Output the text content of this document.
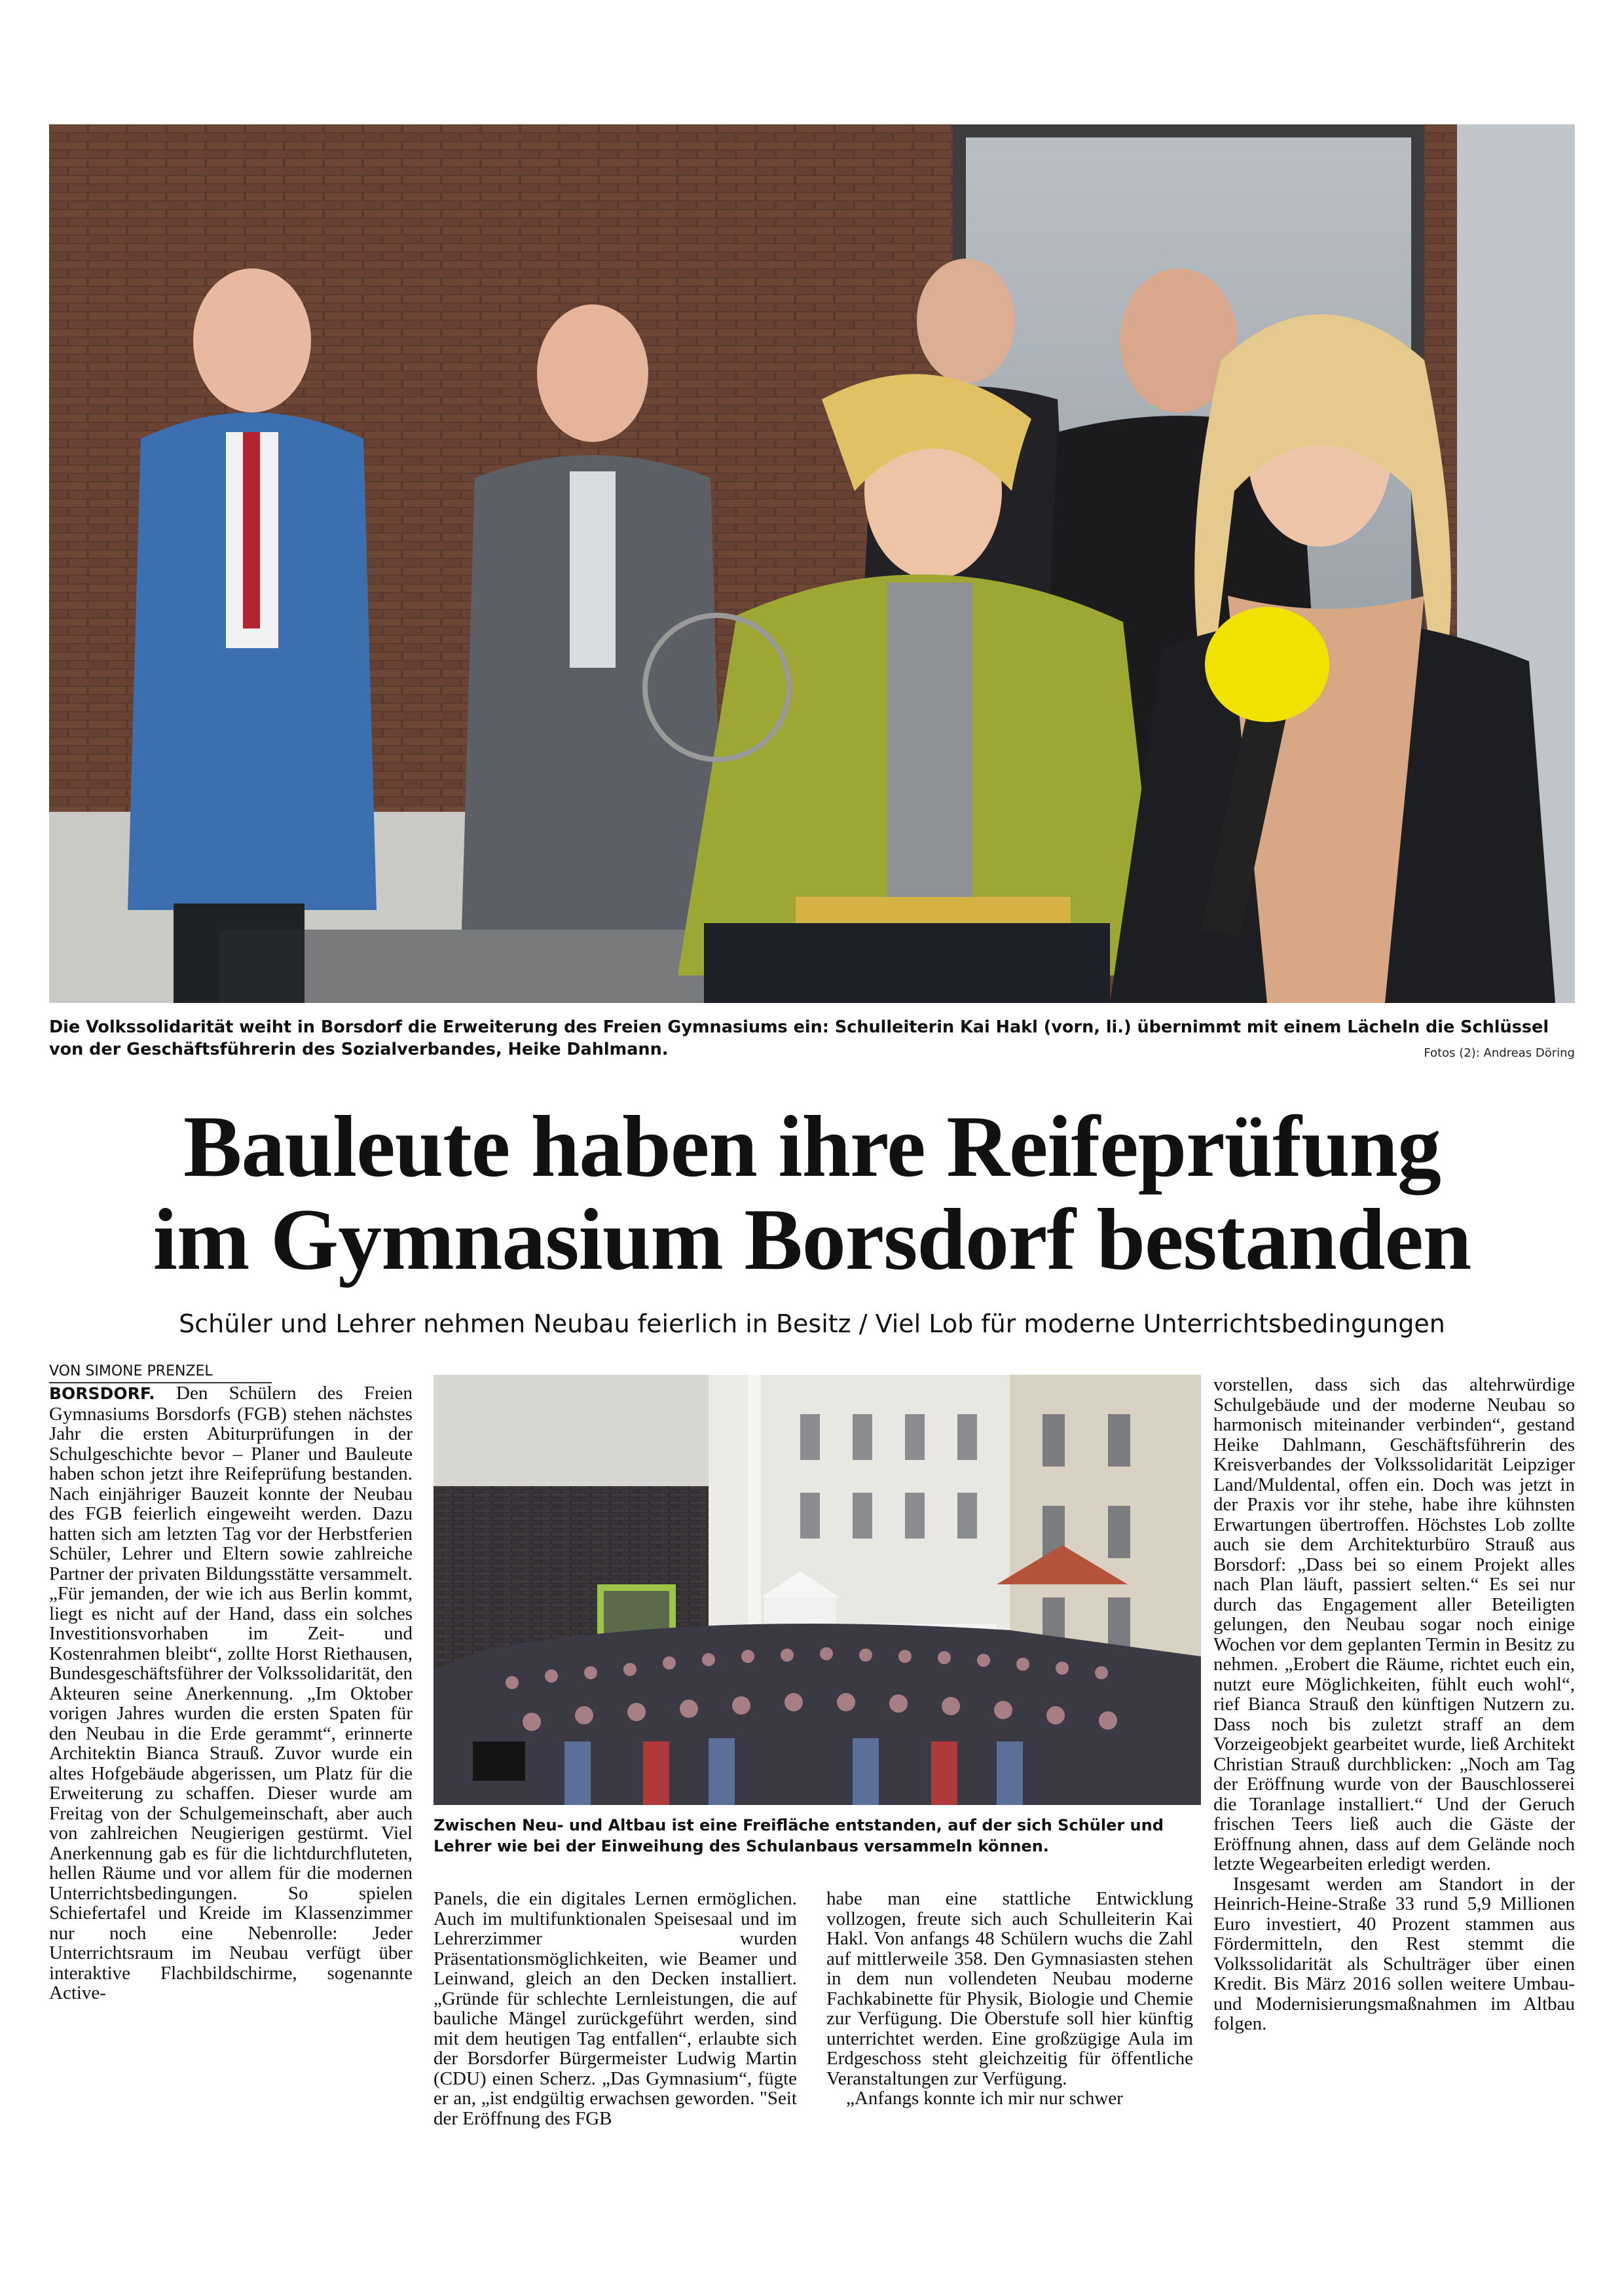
Die Volkssolidarität weiht in Borsdorf die Erweiterung des Freien Gymnasiums ein: Schulleiterin Kai Hakl (vorn, li.) übernimmt mit einem Lächeln die Schlüssel von der Geschäftsführerin des Sozialverbandes, Heike Dahlmann.	Fotos (2): Andreas Döring
Bauleute haben ihre Reifeprüfung
im Gymnasium Borsdorf bestanden
Schüler und Lehrer nehmen Neubau feierlich in Besitz / Viel Lob für moderne Unterrichtsbedingungen
VON SIMONE PRENZEL

BORSDORF. Den Schülern des Freien Gymnasiums Borsdorfs (FGB) stehen nächstes Jahr die ersten Abiturprüfungen in der Schulgeschichte bevor – Planer und Bauleute haben schon jetzt ihre Reifeprüfung bestanden. Nach einjähriger Bauzeit konnte der Neubau des FGB feierlich eingeweiht werden. Dazu hatten sich am letzten Tag vor der Herbstferien Schüler, Lehrer und Eltern sowie zahlreiche Partner der privaten Bildungsstätte versammelt. „Für jemanden, der wie ich aus Berlin kommt, liegt es nicht auf der Hand, dass ein solches Investitionsvorhaben im Zeit- und Kostenrahmen bleibt“, zollte Horst Riethausen, Bundesgeschäftsführer der Volkssolidarität, den Akteuren seine Anerkennung. „Im Oktober vorigen Jahres wurden die ersten Spaten für den Neubau in die Erde gerammt“, erinnerte Architektin Bianca Strauß. Zuvor wurde ein altes Hofgebäude abgerissen, um Platz für die Erweiterung zu schaffen. Dieser wurde am Freitag von der Schulgemeinschaft, aber auch von zahlreichen Neugierigen gestürmt. Viel Anerkennung gab es für die lichtdurchfluteten, hellen Räume und vor allem für die modernen Unterrichtsbedingungen. So spielen Schiefertafel und Kreide im Klassenzimmer nur noch eine Nebenrolle: Jeder Unterrichtsraum im Neubau verfügt über interaktive Flachbildschirme, sogenannte Active-

Zwischen Neu- und Altbau ist eine Freifläche entstanden, auf der sich Schüler und Lehrer wie bei der Einweihung des Schulanbaus versammeln können.

Panels, die ein digitales Lernen ermöglichen. Auch im multifunktionalen Speisesaal und im Lehrerzimmer wurden Präsentationsmöglichkeiten, wie Beamer und Leinwand, gleich an den Decken installiert. „Gründe für schlechte Lernleistungen, die auf bauliche Mängel zurückgeführt werden, sind mit dem heutigen Tag entfallen“, erlaubte sich der Borsdorfer Bürgermeister Ludwig Martin (CDU) einen Scherz. „Das Gymnasium“, fügte er an, „ist endgültig erwachsen geworden. "Seit der Eröffnung des FGB

habe man eine stattliche Entwicklung vollzogen, freute sich auch Schulleiterin Kai Hakl. Von anfangs 48 Schülern wuchs die Zahl auf mittlerweile 358. Den Gymnasiasten stehen in dem nun vollendeten Neubau moderne Fachkabinette für Physik, Biologie und Chemie zur Verfügung. Die Oberstufe soll hier künftig unterrichtet werden. Eine großzügige Aula im Erdgeschoss steht gleichzeitig für öffentliche Veranstaltungen zur Verfügung.

„Anfangs konnte ich mir nur schwer

vorstellen, dass sich das altehrwürdige Schulgebäude und der moderne Neubau so harmonisch miteinander verbinden“, gestand Heike Dahlmann, Geschäftsführerin des Kreisverbandes der Volkssolidarität Leipziger Land/Muldental, offen ein. Doch was jetzt in der Praxis vor ihr stehe, habe ihre kühnsten Erwartungen übertroffen. Höchstes Lob zollte auch sie dem Architekturbüro Strauß aus Borsdorf: „Dass bei so einem Projekt alles nach Plan läuft, passiert selten.“ Es sei nur durch das Engagement aller Beteiligten gelungen, den Neubau sogar noch einige Wochen vor dem geplanten Termin in Besitz zu nehmen. „Erobert die Räume, richtet euch ein, nutzt eure Möglichkeiten, fühlt euch wohl“, rief Bianca Strauß den künftigen Nutzern zu. Dass noch bis zuletzt straff an dem Vorzeigeobjekt gearbeitet wurde, ließ Architekt Christian Strauß durchblicken: „Noch am Tag der Eröffnung wurde von der Bauschlosserei die Toranlage installiert.“ Und der Geruch frischen Teers ließ auch die Gäste der Eröffnung ahnen, dass auf dem Gelände noch letzte Wegearbeiten erledigt werden.

Insgesamt werden am Standort in der Heinrich-Heine-Straße 33 rund 5,9 Millionen Euro investiert, 40 Prozent stammen aus Fördermitteln, den Rest stemmt die Volkssolidarität als Schulträger über einen Kredit. Bis März 2016 sollen weitere Umbau- und Modernisierungsmaßnahmen im Altbau folgen.
